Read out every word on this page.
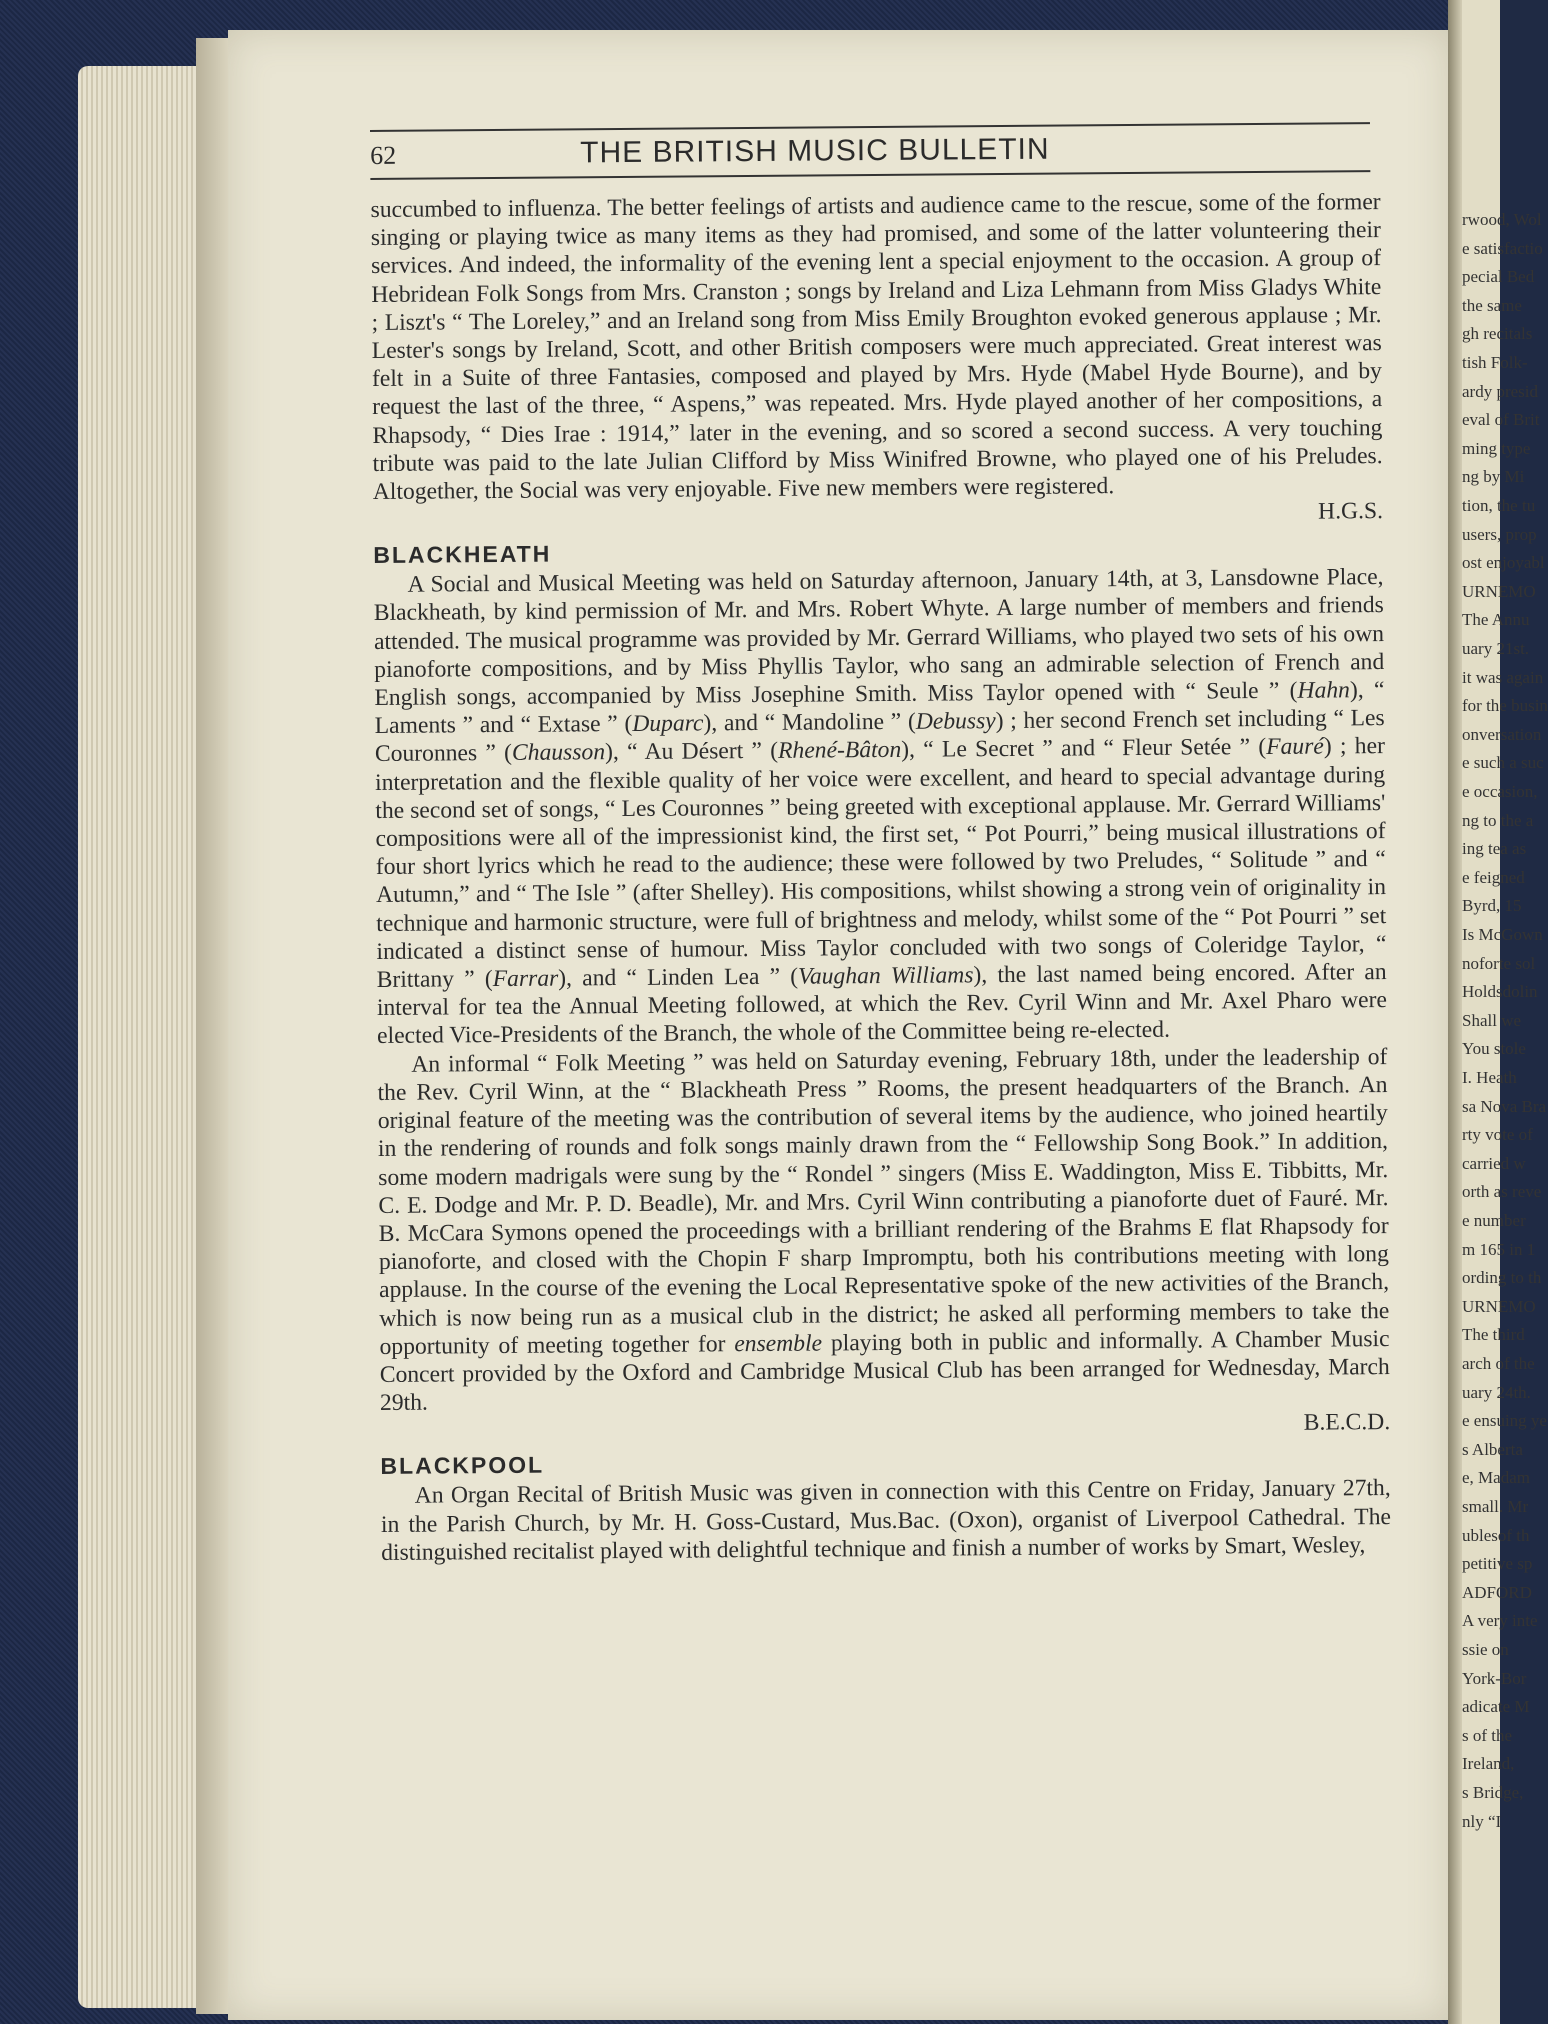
rwood, Wol
e satisfactio
pecial Bed
the same
gh recitals
tish Folk-
ardy presid
eval of Brit
ming type
ng by Mi
tion, the tu
users, prop
ost enjoyabl
URNEMO
The Annu
uary 21st.
it was again
for the busin
onversation
e such a suc
e occasion,
ng to the a
ing tea as
e feigned
Byrd, 15
Is McGown
noforte sol
Holdsdolin
Shall we
You stole
I. Heath
sa Nova Bra
rty vote of
carried w
orth as reve
e number
m 165 in 1
ording to th
URNEMO
The third
arch of the
uary 24th.
e ensuing ye
s Alberta
e, Madam
small. Mr
ublesof th
petitive sp
ADFORD
A very inte
ssie on
York-Bor
adicate M
s of the
Ireland,
s Bridge,
nly “I
62	THE BRITISH MUSIC BULLETIN

succumbed to influenza. The better feelings of artists and audience came to the rescue, some of the former singing or playing twice as many items as they had promised, and some of the latter volunteering their services. And indeed, the informality of the evening lent a special enjoyment to the occasion. A group of Hebridean Folk Songs from Mrs. Cranston ; songs by Ireland and Liza Lehmann from Miss Gladys White ; Liszt's “ The Loreley,” and an Ireland song from Miss Emily Broughton evoked generous applause ; Mr. Lester's songs by Ireland, Scott, and other British composers were much appreciated. Great interest was felt in a Suite of three Fantasies, composed and played by Mrs. Hyde (Mabel Hyde Bourne), and by request the last of the three, “ Aspens,” was repeated. Mrs. Hyde played another of her compositions, a Rhapsody, “ Dies Irae : 1914,” later in the evening, and so scored a second success. A very touching tribute was paid to the late Julian Clifford by Miss Winifred Browne, who played one of his Preludes. Altogether, the Social was very enjoyable. Five new members were registered.

H.G.S.
BLACKHEATH

A Social and Musical Meeting was held on Saturday afternoon, January 14th, at 3, Lansdowne Place, Blackheath, by kind permission of Mr. and Mrs. Robert Whyte. A large number of members and friends attended. The musical programme was provided by Mr. Gerrard Williams, who played two sets of his own pianoforte compositions, and by Miss Phyllis Taylor, who sang an admirable selection of French and English songs, accompanied by Miss Josephine Smith. Miss Taylor opened with “ Seule ” (Hahn), “ Laments ” and “ Extase ” (Duparc), and “ Mandoline ” (Debussy) ; her second French set including “ Les Couronnes ” (Chausson), “ Au Désert ” (Rhené-Bâton), “ Le Secret ” and “ Fleur Setée ” (Fauré) ; her interpretation and the flexible quality of her voice were excellent, and heard to special advantage during the second set of songs, “ Les Couronnes ” being greeted with exceptional applause. Mr. Gerrard Williams' compositions were all of the impressionist kind, the first set, “ Pot Pourri,” being musical illustrations of four short lyrics which he read to the audience; these were followed by two Preludes, “ Solitude ” and “ Autumn,” and “ The Isle ” (after Shelley). His compositions, whilst showing a strong vein of originality in technique and harmonic structure, were full of brightness and melody, whilst some of the “ Pot Pourri ” set indicated a distinct sense of humour. Miss Taylor concluded with two songs of Coleridge Taylor, “ Brittany ” (Farrar), and “ Linden Lea ” (Vaughan Williams), the last named being encored. After an interval for tea the Annual Meeting followed, at which the Rev. Cyril Winn and Mr. Axel Pharo were elected Vice-Presidents of the Branch, the whole of the Committee being re-elected.

An informal “ Folk Meeting ” was held on Saturday evening, February 18th, under the leadership of the Rev. Cyril Winn, at the “ Blackheath Press ” Rooms, the present headquarters of the Branch. An original feature of the meeting was the contribution of several items by the audience, who joined heartily in the rendering of rounds and folk songs mainly drawn from the “ Fellowship Song Book.” In addition, some modern madrigals were sung by the “ Rondel ” singers (Miss E. Waddington, Miss E. Tibbitts, Mr. C. E. Dodge and Mr. P. D. Beadle), Mr. and Mrs. Cyril Winn contributing a pianoforte duet of Fauré. Mr. B. McCara Symons opened the proceedings with a brilliant rendering of the Brahms E flat Rhapsody for pianoforte, and closed with the Chopin F sharp Impromptu, both his contributions meeting with long applause. In the course of the evening the Local Representative spoke of the new activities of the Branch, which is now being run as a musical club in the district; he asked all performing members to take the opportunity of meeting together for ensemble playing both in public and informally. A Chamber Music Concert provided by the Oxford and Cambridge Musical Club has been arranged for Wednesday, March 29th.

B.E.C.D.
BLACKPOOL

An Organ Recital of British Music was given in connection with this Centre on Friday, January 27th, in the Parish Church, by Mr. H. Goss-Custard, Mus.Bac. (Oxon), organist of Liverpool Cathedral. The distinguished recitalist played with delightful technique and finish a number of works by Smart, Wesley,
